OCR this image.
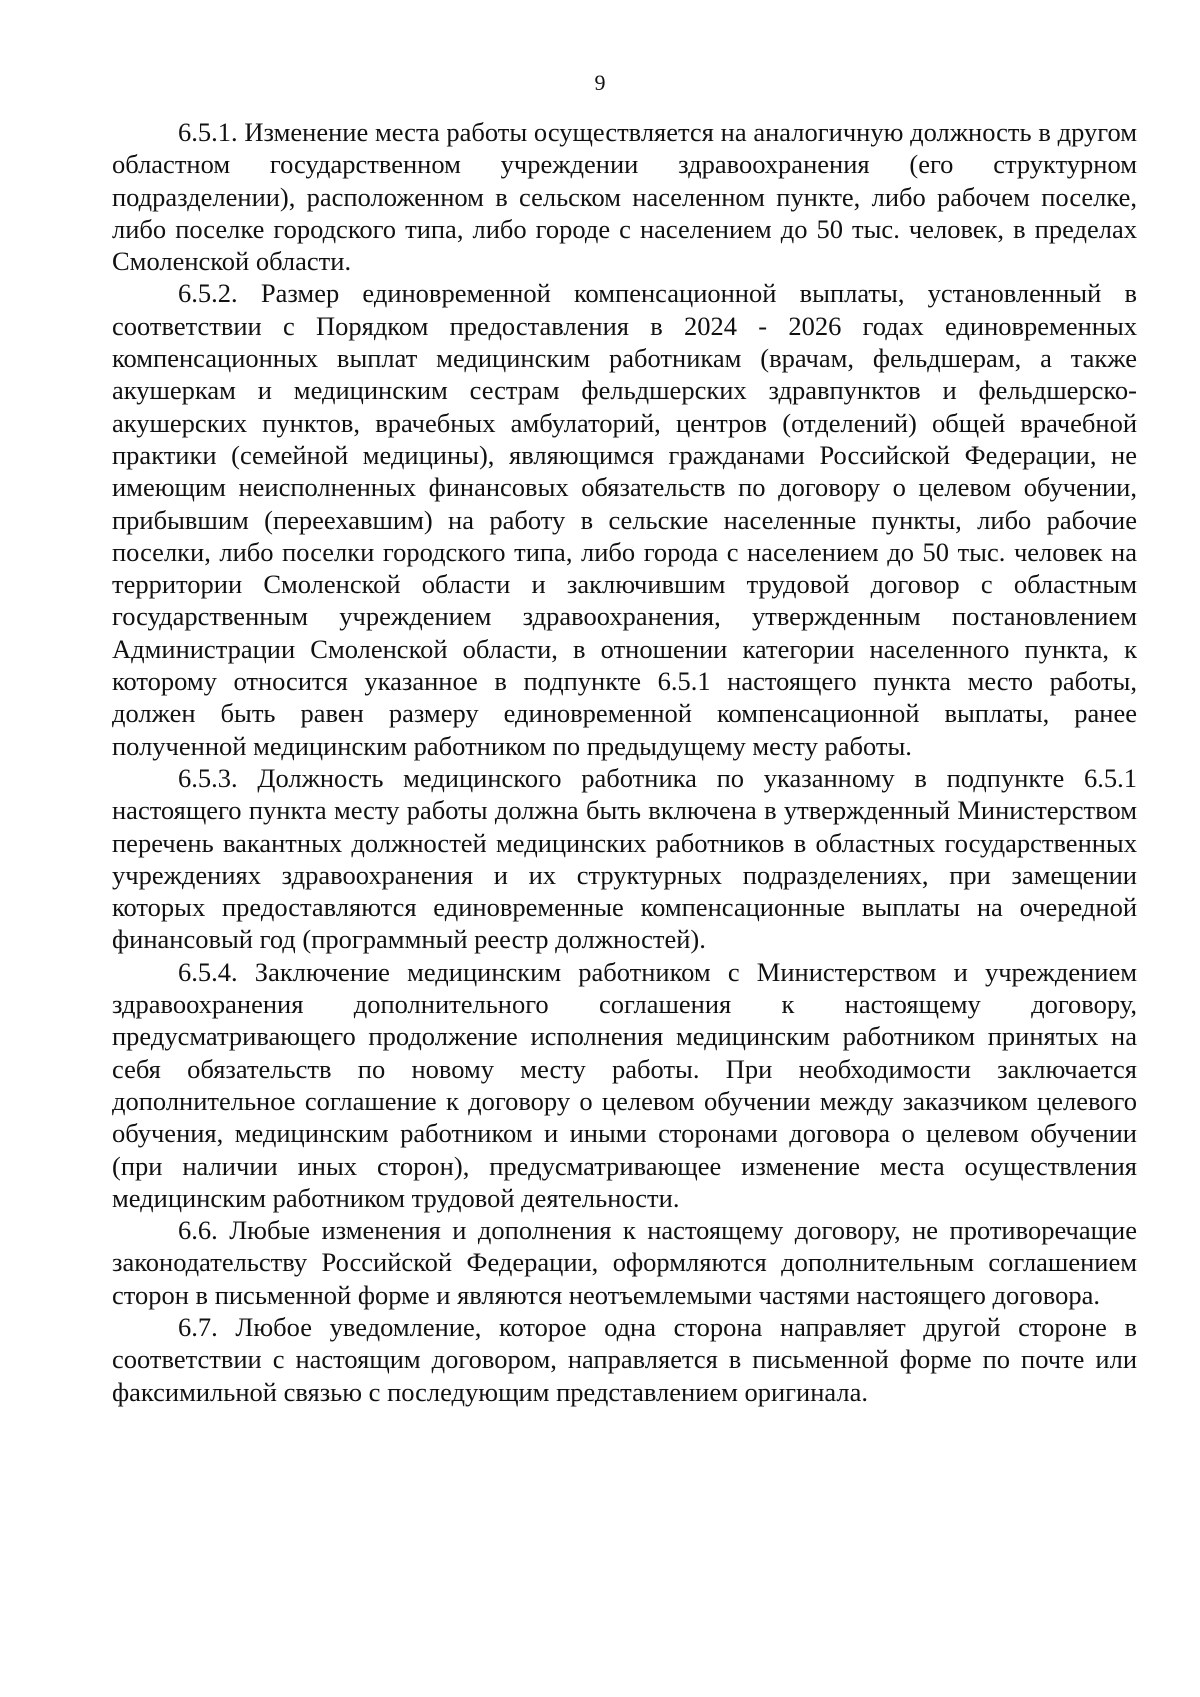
9

6.5.1. Изменение места работы осуществляется на аналогичную должность в другом областном государственном учреждении здравоохранения (его структурном подразделении), расположенном в сельском населенном пункте, либо рабочем поселке, либо поселке городского типа, либо городе с населением до 50 тыс. человек, в пределах Смоленской области.

6.5.2. Размер единовременной компенсационной выплаты, установленный в соответствии с Порядком предоставления в 2024 - 2026 годах единовременных компенсационных выплат медицинским работникам (врачам, фельдшерам, а также акушеркам и медицинским сестрам фельдшерских здравпунктов и фельдшерско-акушерских пунктов, врачебных амбулаторий, центров (отделений) общей врачебной практики (семейной медицины), являющимся гражданами Российской Федерации, не имеющим неисполненных финансовых обязательств по договору о целевом обучении, прибывшим (переехавшим) на работу в сельские населенные пункты, либо рабочие поселки, либо поселки городского типа, либо города с населением до 50 тыс. человек на территории Смоленской области и заключившим трудовой договор с областным государственным учреждением здравоохранения, утвержденным постановлением Администрации Смоленской области, в отношении категории населенного пункта, к которому относится указанное в подпункте 6.5.1 настоящего пункта место работы, должен быть равен размеру единовременной компенсационной выплаты, ранее полученной медицинским работником по предыдущему месту работы.

6.5.3. Должность медицинского работника по указанному в подпункте 6.5.1 настоящего пункта месту работы должна быть включена в утвержденный Министерством перечень вакантных должностей медицинских работников в областных государственных учреждениях здравоохранения и их структурных подразделениях, при замещении которых предоставляются единовременные компенсационные выплаты на очередной финансовый год (программный реестр должностей).

6.5.4. Заключение медицинским работником с Министерством и учреждением здравоохранения дополнительного соглашения к настоящему договору, предусматривающего продолжение исполнения медицинским работником принятых на себя обязательств по новому месту работы. При необходимости заключается дополнительное соглашение к договору о целевом обучении между заказчиком целевого обучения, медицинским работником и иными сторонами договора о целевом обучении (при наличии иных сторон), предусматривающее изменение места осуществления медицинским работником трудовой деятельности.

6.6. Любые изменения и дополнения к настоящему договору, не противоречащие законодательству Российской Федерации, оформляются дополнительным соглашением сторон в письменной форме и являются неотъемлемыми частями настоящего договора.

6.7. Любое уведомление, которое одна сторона направляет другой стороне в соответствии с настоящим договором, направляется в письменной форме по почте или факсимильной связью с последующим представлением оригинала.
